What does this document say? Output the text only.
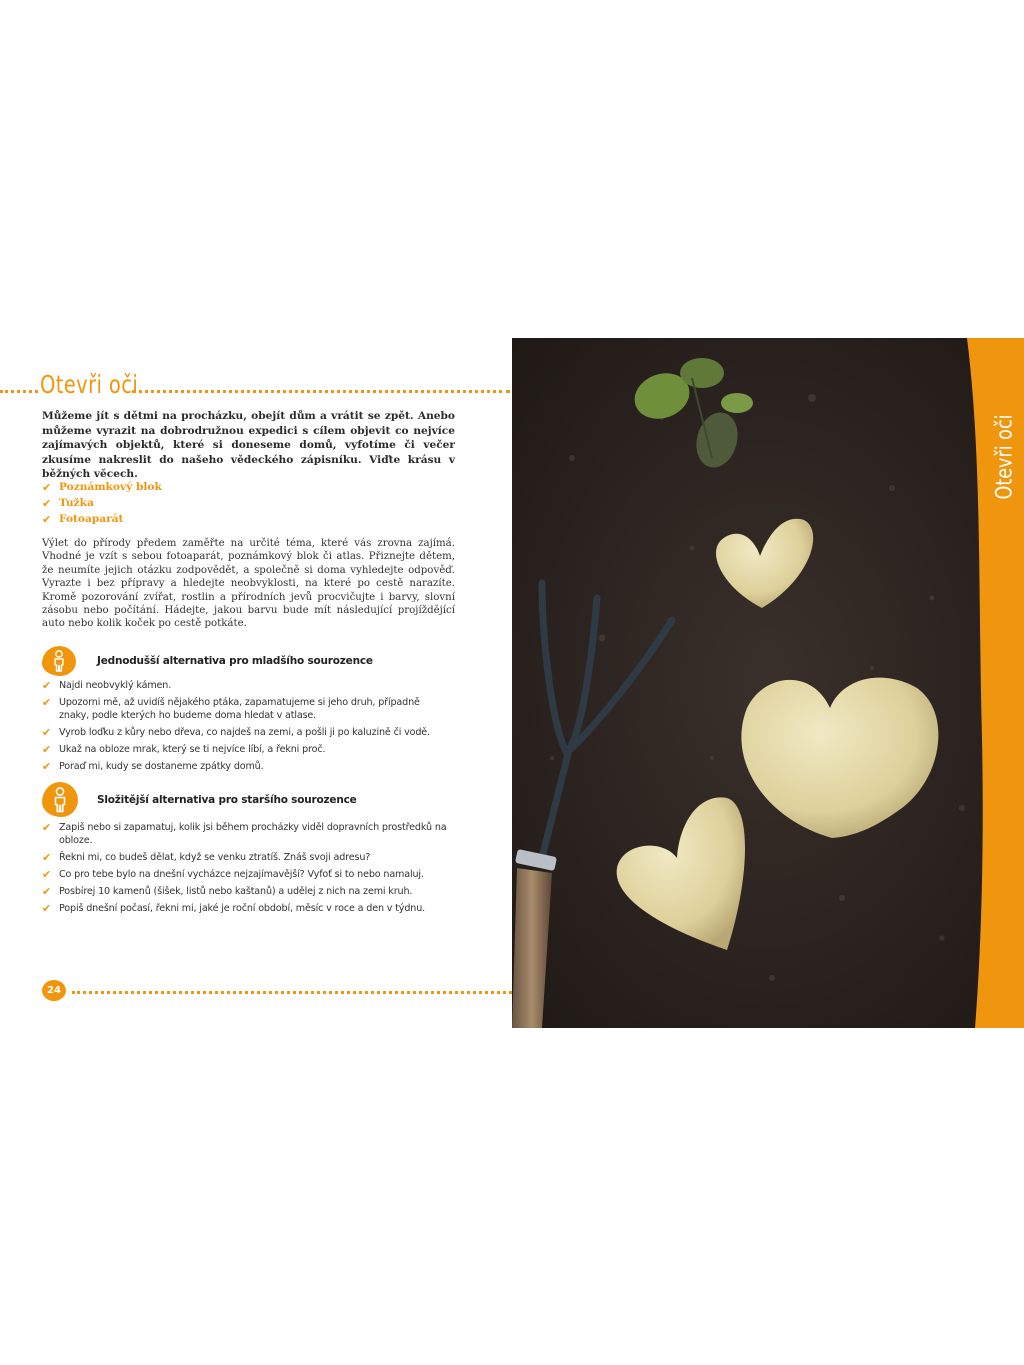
Otevři oči
Můžeme jít s dětmi na procházku, obejít dům a vrátit se zpět. Anebo můžeme vyrazit na dobrodružnou expedici s cílem objevit co nejvíce zajímavých objektů, které si doneseme domů, vyfotíme či večer zkusíme nakreslit do našeho vědeckého zápisníku. Viďte krásu v běžných věcech.
✔ Poznámkový blok
✔ Tužka
✔ Fotoaparát
Výlet do přírody předem zaměřte na určité téma, které vás zrovna zajímá. Vhodné je vzít s sebou fotoaparát, poznámkový blok či atlas. Přiznejte dětem, že neumíte jejich otázku zodpovědět, a společně si doma vyhledejte odpověď. Vyrazte i bez přípravy a hledejte neobvyklosti, na které po cestě narazíte. Kromě pozorování zvířat, rostlin a přírodních jevů procvičujte i barvy, slovní zásobu nebo počítání. Hádejte, jakou barvu bude mít následující projíždějící auto nebo kolik koček po cestě potkáte.
Jednodušší alternativa pro mladšího sourozence
✔ Najdi neobvyklý kámen.
✔ Upozorni mě, až uvidíš nějakého ptáka, zapamatujeme si jeho druh, případně znaky, podle kterých ho budeme doma hledat v atlase.
✔ Vyrob loďku z kůry nebo dřeva, co najdeš na zemi, a pošli ji po kaluzině či vodě.
✔ Ukaž na obloze mrak, který se ti nejvíce líbí, a řekni proč.
✔ Poraď mi, kudy se dostaneme zpátky domů.
Složitější alternativa pro staršího sourozence
✔ Zapiš nebo si zapamatuj, kolik jsi během procházky viděl dopravních prostředků na obloze.
✔ Řekni mi, co budeš dělat, když se venku ztratíš. Znáš svoji adresu?
✔ Co pro tebe bylo na dnešní vycházce nejzajímavější? Vyfoť si to nebo namaluj.
✔ Posbírej 10 kamenů (šišek, listů nebo kaštanů) a udělej z nich na zemi kruh.
✔ Popiš dnešní počasí, řekni mi, jaké je roční období, měsíc v roce a den v týdnu.
24
Otevři oči
